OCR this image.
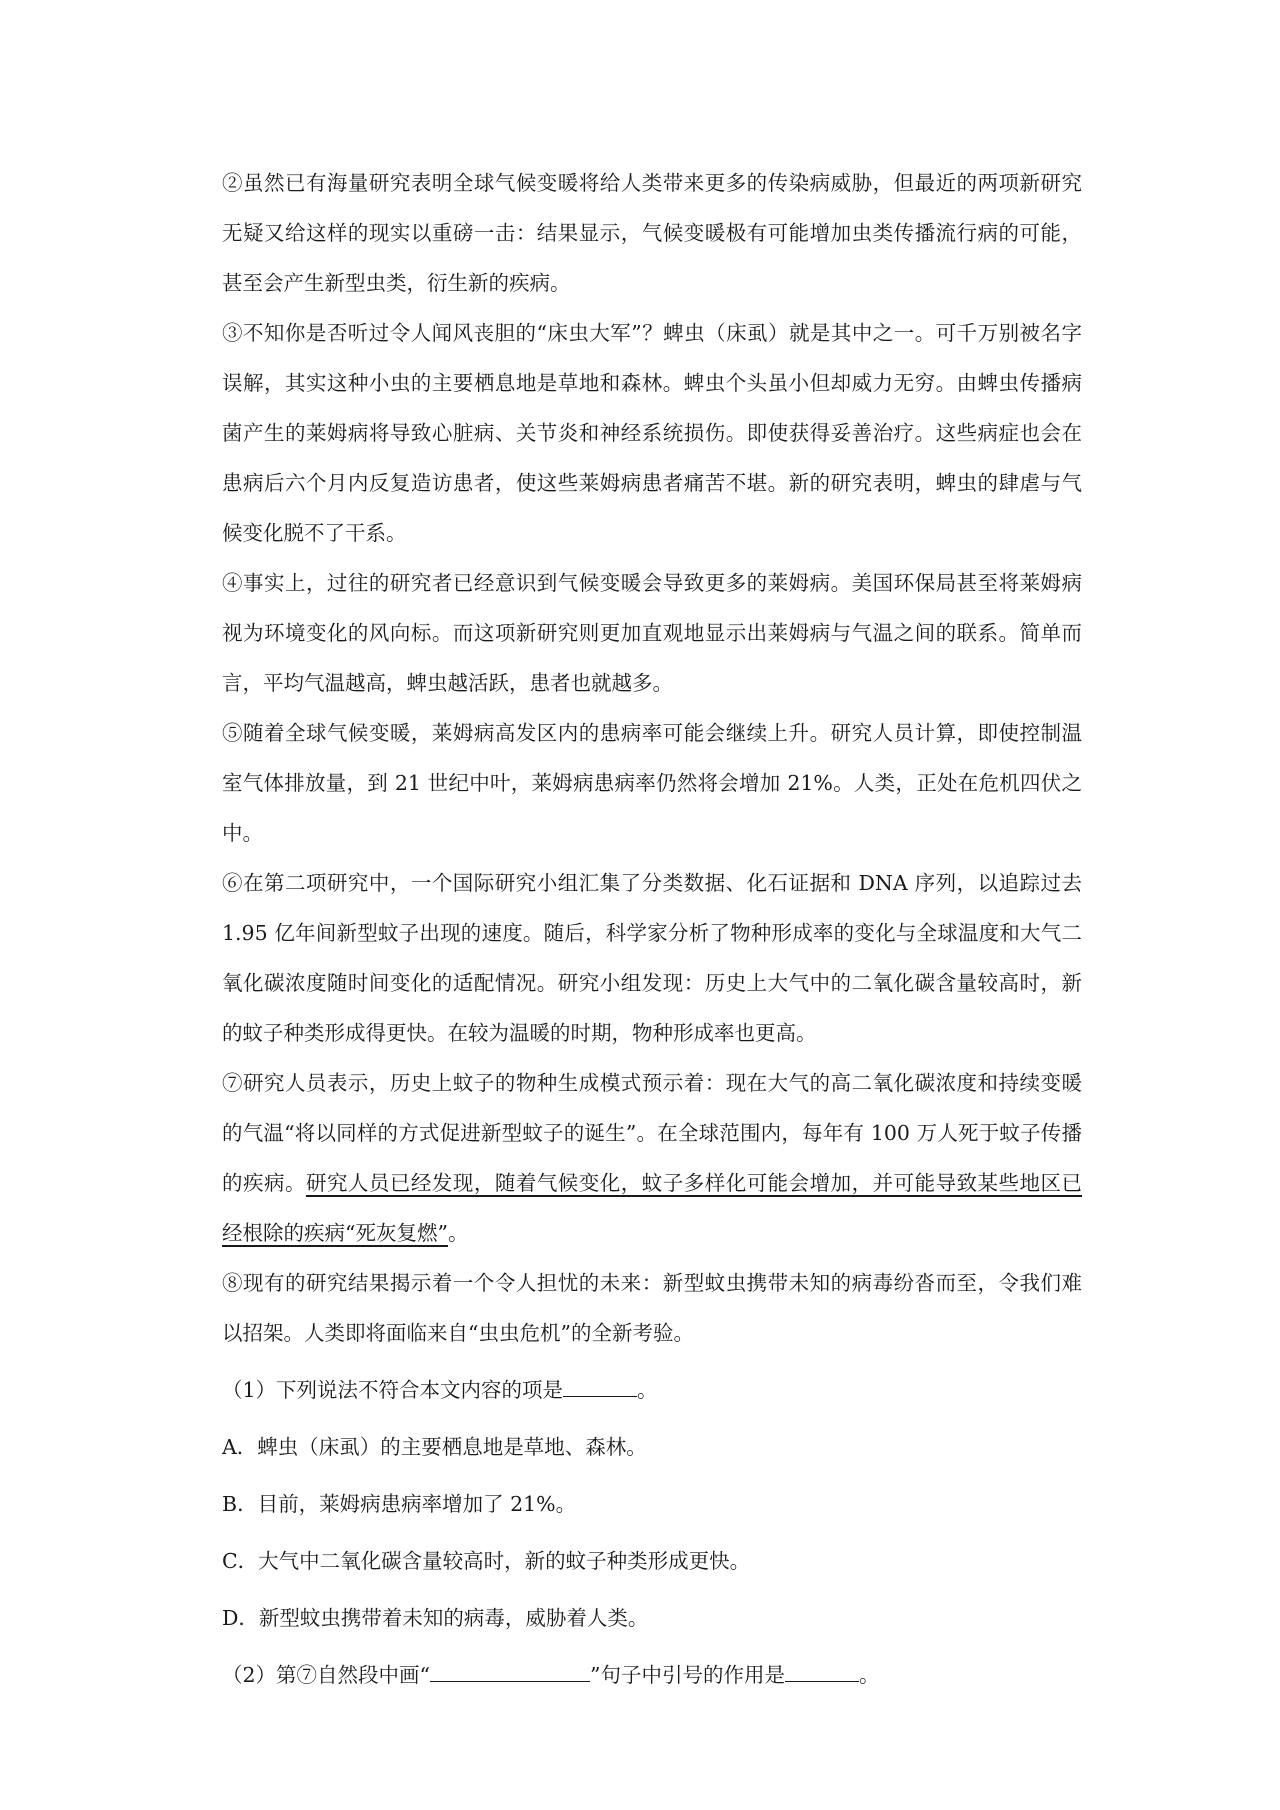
②虽然已有海量研究表明全球气候变暖将给人类带来更多的传染病威胁，但最近的两项新研究无疑又给这样的现实以重磅一击：结果显示，气候变暖极有可能增加虫类传播流行病的可能，甚至会产生新型虫类，衍生新的疾病。

③不知你是否听过令人闻风丧胆的“床虫大军”？蜱虫（床虱）就是其中之一。可千万别被名字误解，其实这种小虫的主要栖息地是草地和森林。蜱虫个头虽小但却威力无穷。由蜱虫传播病菌产生的莱姆病将导致心脏病、关节炎和神经系统损伤。即使获得妥善治疗。这些病症也会在患病后六个月内反复造访患者，使这些莱姆病患者痛苦不堪。新的研究表明，蜱虫的肆虐与气候变化脱不了干系。

④事实上，过往的研究者已经意识到气候变暖会导致更多的莱姆病。美国环保局甚至将莱姆病视为环境变化的风向标。而这项新研究则更加直观地显示出莱姆病与气温之间的联系。简单而言，平均气温越高，蜱虫越活跃，患者也就越多。

⑤随着全球气候变暖，莱姆病高发区内的患病率可能会继续上升。研究人员计算，即使控制温室气体排放量，到 21 世纪中叶，莱姆病患病率仍然将会增加 21%。人类，正处在危机四伏之中。

⑥在第二项研究中，一个国际研究小组汇集了分类数据、化石证据和 DNA 序列，以追踪过去 1.95 亿年间新型蚊子出现的速度。随后，科学家分析了物种形成率的变化与全球温度和大气二氧化碳浓度随时间变化的适配情况。研究小组发现：历史上大气中的二氧化碳含量较高时，新的蚊子种类形成得更快。在较为温暖的时期，物种形成率也更高。

⑦研究人员表示，历史上蚊子的物种生成模式预示着：现在大气的高二氧化碳浓度和持续变暖的气温“将以同样的方式促进新型蚊子的诞生”。在全球范围内，每年有 100 万人死于蚊子传播的疾病。研究人员已经发现，随着气候变化，蚊子多样化可能会增加，并可能导致某些地区已经根除的疾病“死灰复燃”。

⑧现有的研究结果揭示着一个令人担忧的未来：新型蚊虫携带未知的病毒纷沓而至，令我们难以招架。人类即将面临来自“虫虫危机”的全新考验。

（1）下列说法不符合本文内容的项是	。

A．蜱虫（床虱）的主要栖息地是草地、森林。

B．目前，莱姆病患病率增加了 21%。

C．大气中二氧化碳含量较高时，新的蚊子种类形成更快。

D．新型蚊虫携带着未知的病毒，威胁着人类。

（2）第⑦自然段中画“	”句子中引号的作用是	。
